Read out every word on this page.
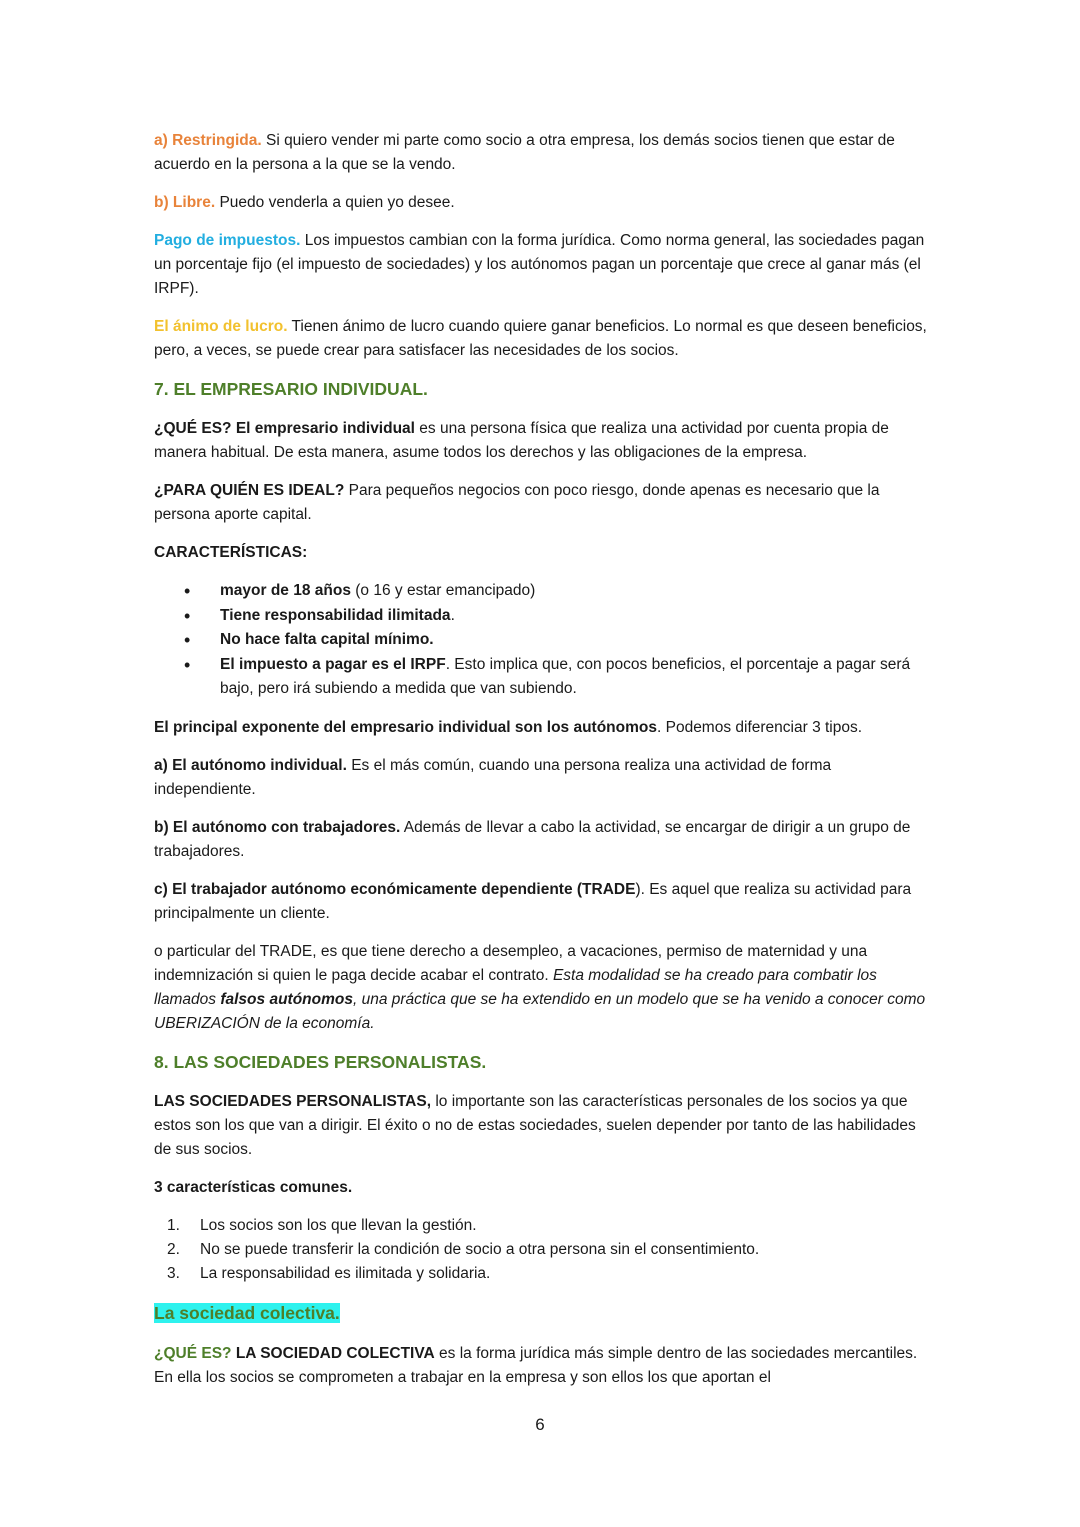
a) Restringida. Si quiero vender mi parte como socio a otra empresa, los demás socios tienen que estar de acuerdo en la persona a la que se la vendo.

b) Libre. Puedo venderla a quien yo desee.

Pago de impuestos. Los impuestos cambian con la forma jurídica. Como norma general, las sociedades pagan un porcentaje fijo (el impuesto de sociedades) y los autónomos pagan un porcentaje que crece al ganar más (el IRPF).

El ánimo de lucro. Tienen ánimo de lucro cuando quiere ganar beneficios. Lo normal es que deseen beneficios, pero, a veces, se puede crear para satisfacer las necesidades de los socios.

7. EL EMPRESARIO INDIVIDUAL.

¿QUÉ ES? El empresario individual es una persona física que realiza una actividad por cuenta propia de manera habitual. De esta manera, asume todos los derechos y las obligaciones de la empresa.

¿PARA QUIÉN ES IDEAL? Para pequeños negocios con poco riesgo, donde apenas es necesario que la persona aporte capital.

CARACTERÍSTICAS:

• mayor de 18 años (o 16 y estar emancipado)
• Tiene responsabilidad ilimitada.
• No hace falta capital mínimo.
• El impuesto a pagar es el IRPF. Esto implica que, con pocos beneficios, el porcentaje a pagar será bajo, pero irá subiendo a medida que van subiendo.

El principal exponente del empresario individual son los autónomos. Podemos diferenciar 3 tipos.

a) El autónomo individual. Es el más común, cuando una persona realiza una actividad de forma independiente.

b) El autónomo con trabajadores. Además de llevar a cabo la actividad, se encargar de dirigir a un grupo de trabajadores.

c) El trabajador autónomo económicamente dependiente (TRADE). Es aquel que realiza su actividad para principalmente un cliente.

o particular del TRADE, es que tiene derecho a desempleo, a vacaciones, permiso de maternidad y una indemnización si quien le paga decide acabar el contrato. Esta modalidad se ha creado para combatir los llamados falsos autónomos, una práctica que se ha extendido en un modelo que se ha venido a conocer como UBERIZACIÓN de la economía.

8. LAS SOCIEDADES PERSONALISTAS.

LAS SOCIEDADES PERSONALISTAS, lo importante son las características personales de los socios ya que estos son los que van a dirigir. El éxito o no de estas sociedades, suelen depender por tanto de las habilidades de sus socios.

3 características comunes.

1. Los socios son los que llevan la gestión.
2. No se puede transferir la condición de socio a otra persona sin el consentimiento.
3. La responsabilidad es ilimitada y solidaria.

La sociedad colectiva.

¿QUÉ ES? LA SOCIEDAD COLECTIVA es la forma jurídica más simple dentro de las sociedades mercantiles. En ella los socios se comprometen a trabajar en la empresa y son ellos los que aportan el

6
